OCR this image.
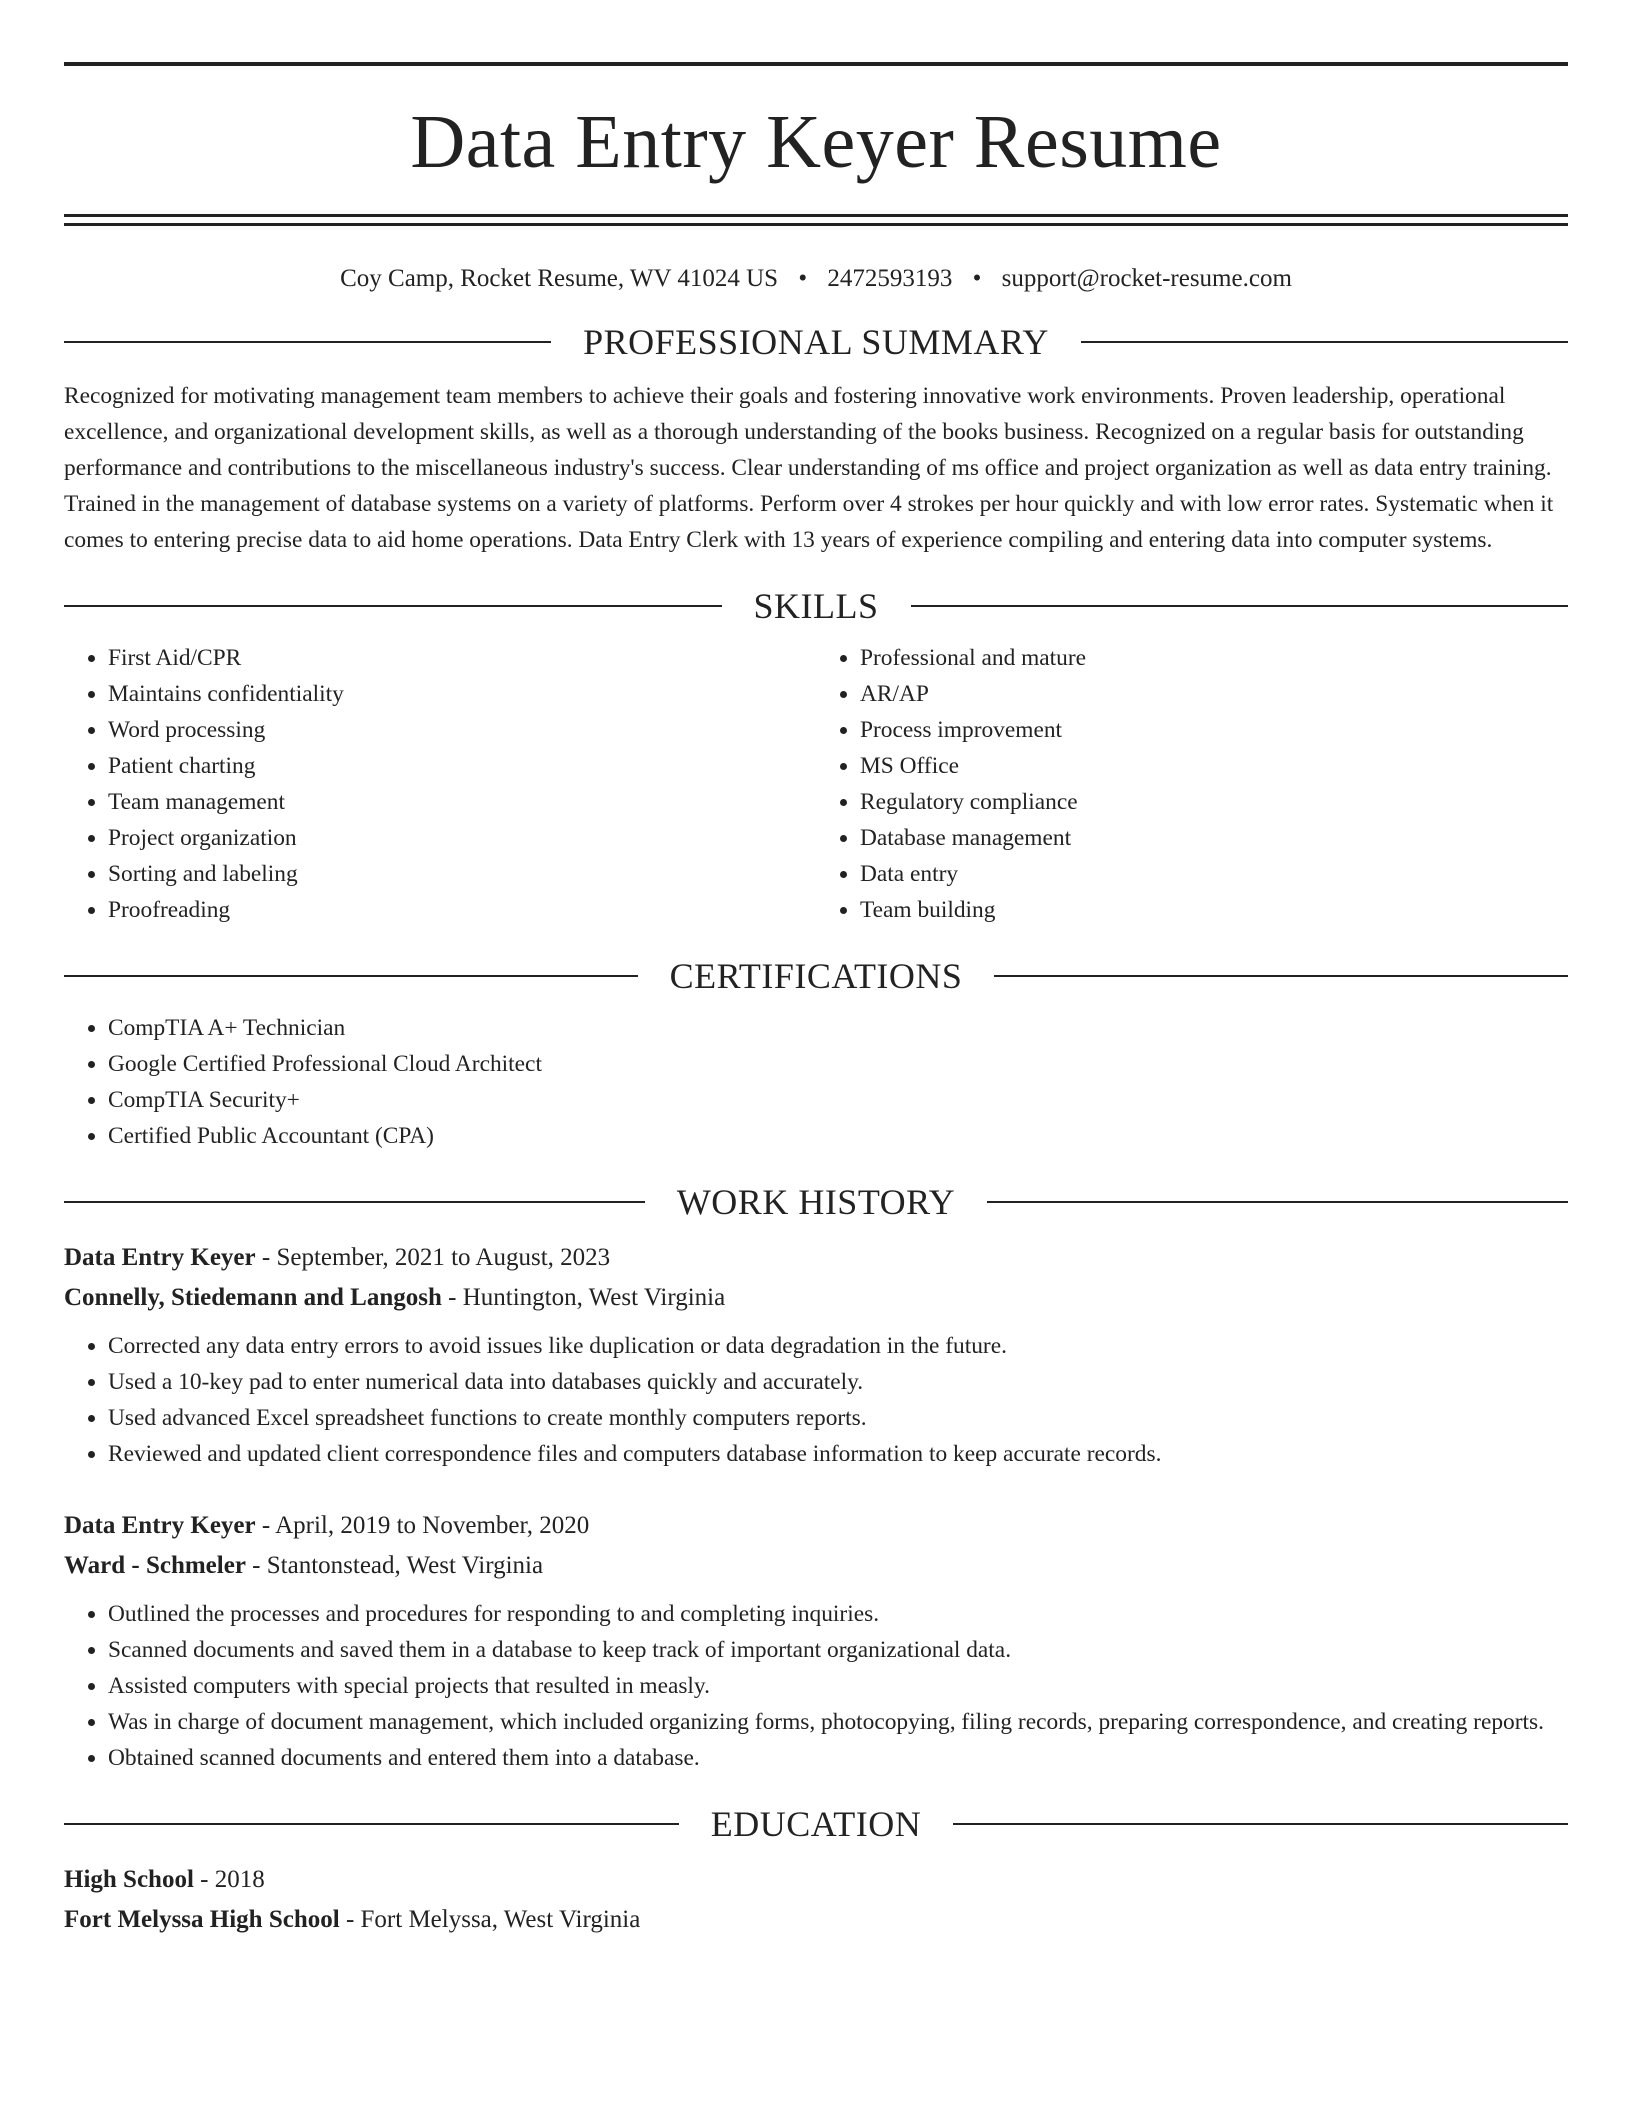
Data Entry Keyer Resume
Coy Camp, Rocket Resume, WV 41024 US • 2472593193 • support@rocket-resume.com
PROFESSIONAL SUMMARY
Recognized for motivating management team members to achieve their goals and fostering innovative work environments. Proven leadership, operational excellence, and organizational development skills, as well as a thorough understanding of the books business. Recognized on a regular basis for outstanding performance and contributions to the miscellaneous industry's success. Clear understanding of ms office and project organization as well as data entry training. Trained in the management of database systems on a variety of platforms. Perform over 4 strokes per hour quickly and with low error rates. Systematic when it comes to entering precise data to aid home operations. Data Entry Clerk with 13 years of experience compiling and entering data into computer systems.
SKILLS
• First Aid/CPR
• Maintains confidentiality
• Word processing
• Patient charting
• Team management
• Project organization
• Sorting and labeling
• Proofreading
• Professional and mature
• AR/AP
• Process improvement
• MS Office
• Regulatory compliance
• Database management
• Data entry
• Team building
CERTIFICATIONS
• CompTIA A+ Technician
• Google Certified Professional Cloud Architect
• CompTIA Security+
• Certified Public Accountant (CPA)
WORK HISTORY
Data Entry Keyer - September, 2021 to August, 2023
Connelly, Stiedemann and Langosh - Huntington, West Virginia
• Corrected any data entry errors to avoid issues like duplication or data degradation in the future.
• Used a 10-key pad to enter numerical data into databases quickly and accurately.
• Used advanced Excel spreadsheet functions to create monthly computers reports.
• Reviewed and updated client correspondence files and computers database information to keep accurate records.
Data Entry Keyer - April, 2019 to November, 2020
Ward - Schmeler - Stantonstead, West Virginia
• Outlined the processes and procedures for responding to and completing inquiries.
• Scanned documents and saved them in a database to keep track of important organizational data.
• Assisted computers with special projects that resulted in measly.
• Was in charge of document management, which included organizing forms, photocopying, filing records, preparing correspondence, and creating reports.
• Obtained scanned documents and entered them into a database.
EDUCATION
High School - 2018
Fort Melyssa High School - Fort Melyssa, West Virginia
